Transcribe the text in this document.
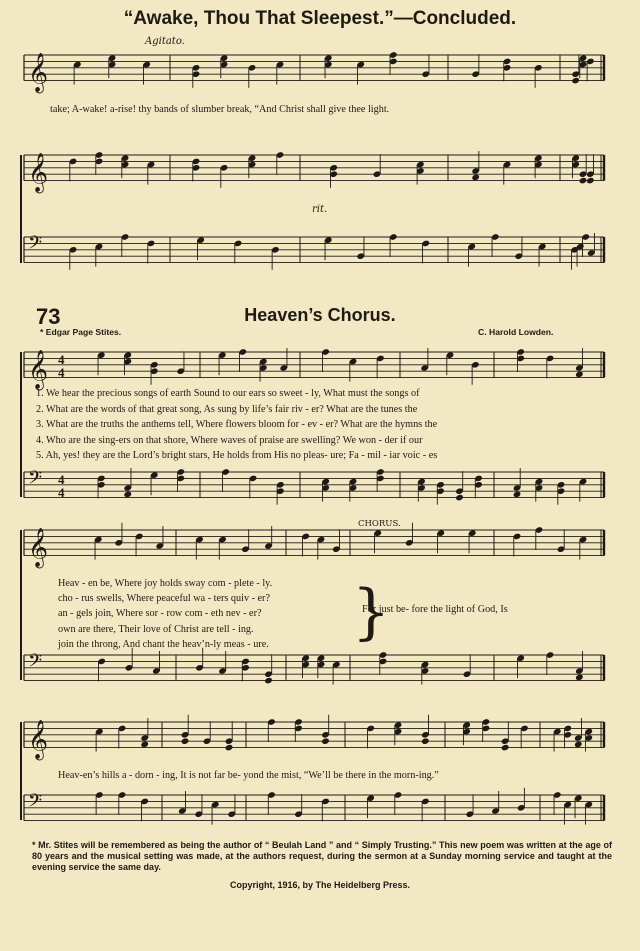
“Awake, Thou That Sleepest.”—Concluded.
𝄞
𝄞
𝄢
𝄞
𝄢
𝄞
𝄢
𝄞
𝄢
4
4
4
4
Agitato.
take; A-wake! a-rise! thy bands of slumber break, “And Christ shall give thee light.
rit.
73	Heaven’s Chorus.
* Edgar Page Stites.	C. Harold Lowden.
1. We hear the precious songs of earth Sound to our ears so sweet - ly, What must the songs of
2. What are the words of that great song, As sung by life’s fair riv - er? What are the tunes the
3. What are the truths the anthems tell, Where flowers bloom for - ev - er? What are the hymns the
4. Who are the sing-ers on that shore, Where waves of praise are swelling? We won - der if our
5. Ah, yes! they are the Lord’s bright stars, He holds from His no pleas- ure; Fa - mil - iar voic - es
CHORUS.
Heav - en be, Where joy holds sway com - plete - ly.
cho - rus swells, Where peaceful wa - ters quiv - er?
an - gels join, Where sor - row com - eth nev - er?
own are there, Their love of Christ are tell - ing.
join the throng, And chant the heav’n-ly meas - ure. }
For just be- fore the light of God, Is
Heav-en’s hills a - dorn - ing, It is not far be- yond the mist, “We’ll be there in the morn-ing.”
* Mr. Stites will be remembered as being the author of “ Beulah Land ” and “ Simply Trusting.” This new poem was written at the age of 80 years and the musical setting was made, at the authors request, during the sermon at a Sunday morning service and taught at the evening service the same day.
Copyright, 1916, by The Heidelberg Press.
